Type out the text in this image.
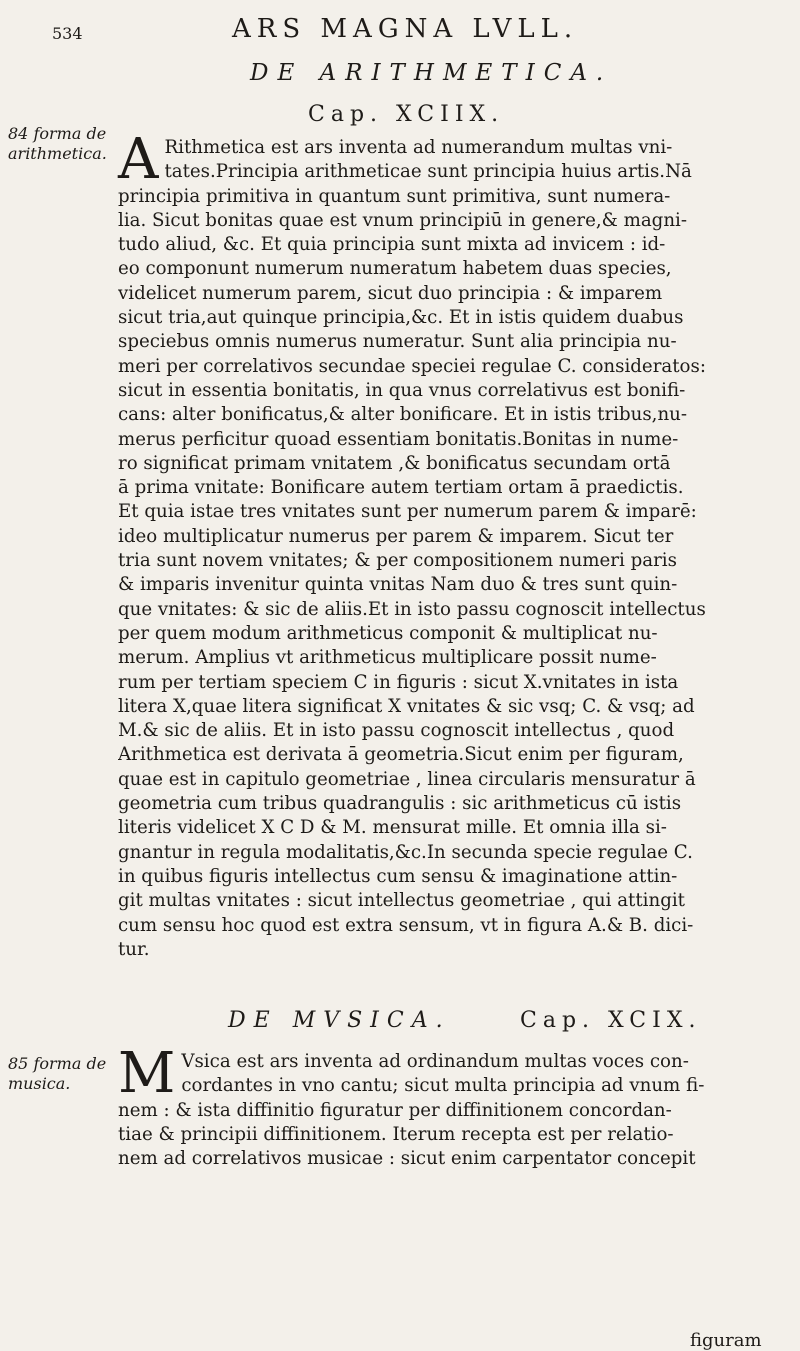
534	ARS MAGNA LVLL.
DE ARITHMETICA.
Cap. XCIIX.
84 forma de arithmetica. A Rithmetica est ars inventa ad numerandum multas vni-
tates.Principia arithmeticae sunt principia huius artis.Nā
principia primitiva in quantum sunt primitiva, sunt numera-
lia. Sicut bonitas quae est vnum principiū in genere,& magni-
tudo aliud, &c. Et quia principia sunt mixta ad invicem : id-
eo componunt numerum numeratum habetem duas species,
videlicet numerum parem, sicut duo principia : & imparem
sicut tria,aut quinque principia,&c. Et in istis quidem duabus
speciebus omnis numerus numeratur. Sunt alia principia nu-
meri per correlativos secundae speciei regulae C. consideratos:
sicut in essentia bonitatis, in qua vnus correlativus est bonifi-
cans: alter bonificatus,& alter bonificare. Et in istis tribus,nu-
merus perficitur quoad essentiam bonitatis.Bonitas in nume-
ro significat primam vnitatem ,& bonificatus secundam ortā
ā prima vnitate: Bonificare autem tertiam ortam ā praedictis.
Et quia istae tres vnitates sunt per numerum parem & imparē:
ideo multiplicatur numerus per parem & imparem. Sicut ter
tria sunt novem vnitates; & per compositionem numeri paris
& imparis invenitur quinta vnitas Nam duo & tres sunt quin-
que vnitates: & sic de aliis.Et in isto passu cognoscit intellectus
per quem modum arithmeticus componit & multiplicat nu-
merum. Amplius vt arithmeticus multiplicare possit nume-
rum per tertiam speciem C in figuris : sicut X.vnitates in ista
litera X,quae litera significat X vnitates & sic vsq; C. & vsq; ad
M.& sic de aliis. Et in isto passu cognoscit intellectus , quod
Arithmetica est derivata ā geometria.Sicut enim per figuram,
quae est in capitulo geometriae , linea circularis mensuratur ā
geometria cum tribus quadrangulis : sic arithmeticus cū istis
literis videlicet X C D & M. mensurat mille. Et omnia illa si-
gnantur in regula modalitatis,&c.In secunda specie regulae C.
in quibus figuris intellectus cum sensu & imaginatione attin-
git multas vnitates : sicut intellectus geometriae , qui attingit
cum sensu hoc quod est extra sensum, vt in figura A.& B. dici-
tur.
DE MVSICA.	Cap. XCIX.
85 forma de musica. M Vsica est ars inventa ad ordinandum multas voces con-
cordantes in vno cantu; sicut multa principia ad vnum fi-
nem : & ista diffinitio figuratur per diffinitionem concordan-
tiae & principii diffinitionem. Iterum recepta est per relatio-
nem ad correlativos musicae : sicut enim carpentator concepit
figuram
